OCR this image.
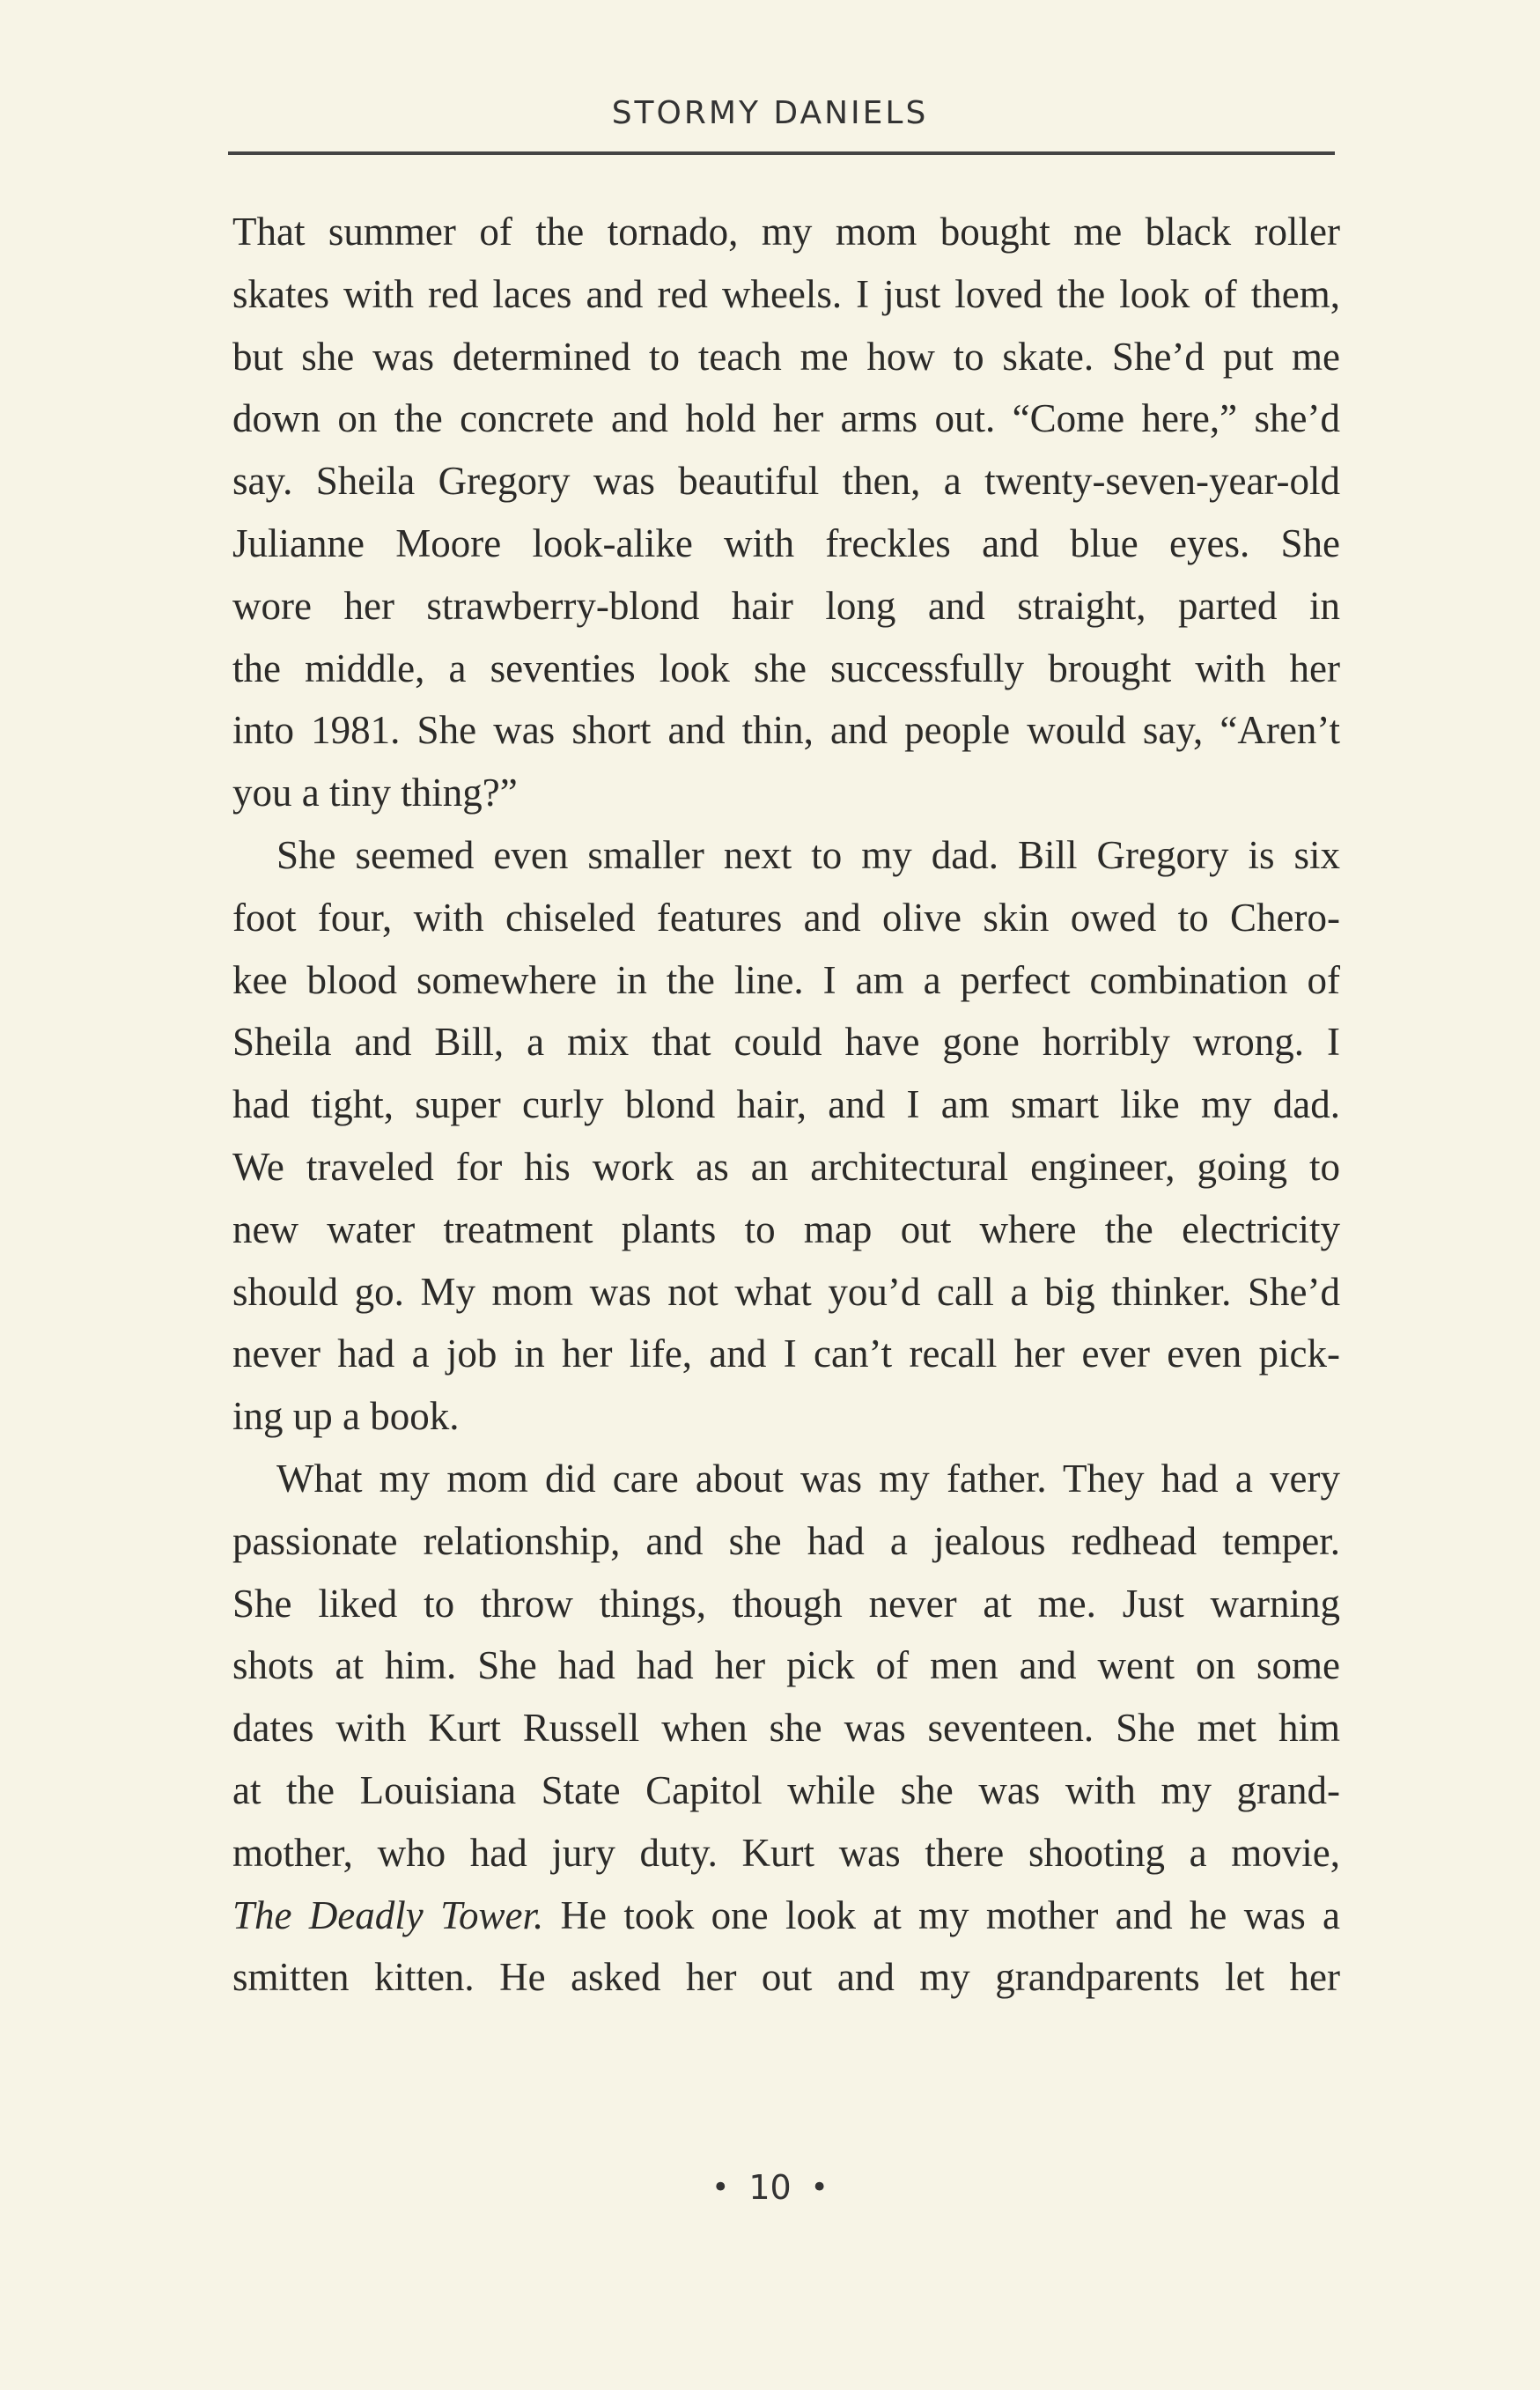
STORMY DANIELS

That summer of the tornado, my mom bought me black roller
skates with red laces and red wheels. I just loved the look of them,
but she was determined to teach me how to skate. She’d put me
down on the concrete and hold her arms out. “Come here,” she’d
say. Sheila Gregory was beautiful then, a twenty-seven-year-old
Julianne Moore look-alike with freckles and blue eyes. She
wore her strawberry-blond hair long and straight, parted in
the middle, a seventies look she successfully brought with her
into 1981. She was short and thin, and people would say, “Aren’t
you a tiny thing?”

She seemed even smaller next to my dad. Bill Gregory is six
foot four, with chiseled features and olive skin owed to Chero-
kee blood somewhere in the line. I am a perfect combination of
Sheila and Bill, a mix that could have gone horribly wrong. I
had tight, super curly blond hair, and I am smart like my dad.
We traveled for his work as an architectural engineer, going to
new water treatment plants to map out where the electricity
should go. My mom was not what you’d call a big thinker. She’d
never had a job in her life, and I can’t recall her ever even pick-
ing up a book.

What my mom did care about was my father. They had a very
passionate relationship, and she had a jealous redhead temper.
She liked to throw things, though never at me. Just warning
shots at him. She had had her pick of men and went on some
dates with Kurt Russell when she was seventeen. She met him
at the Louisiana State Capitol while she was with my grand-
mother, who had jury duty. Kurt was there shooting a movie,
The Deadly Tower. He took one look at my mother and he was a
smitten kitten. He asked her out and my grandparents let her

• 10 •
